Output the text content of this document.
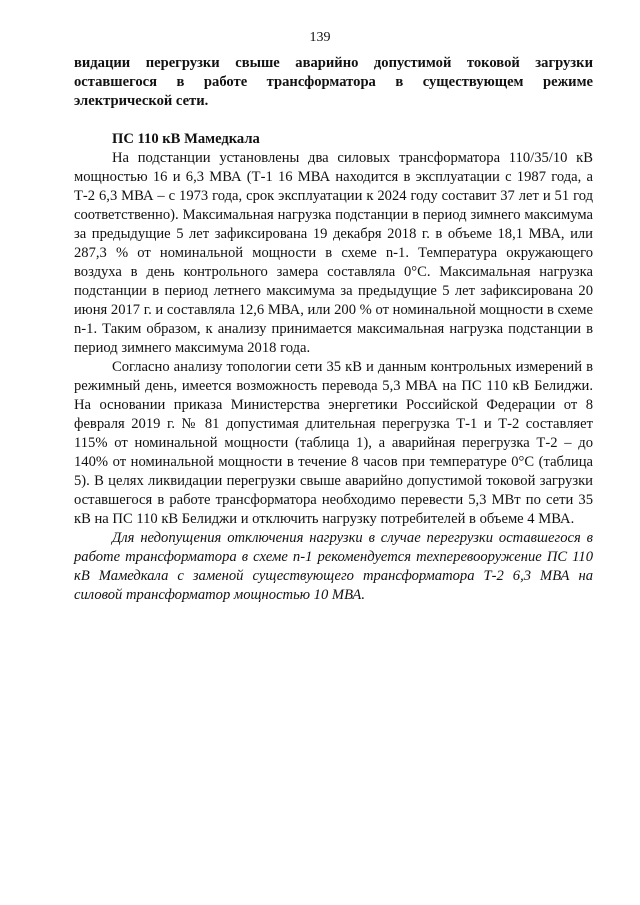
139

видации перегрузки свыше аварийно допустимой токовой загрузки оставшегося в работе трансформатора в существующем режиме электрической сети.

ПС 110 кВ Мамедкала

На подстанции установлены два силовых трансформатора 110/35/10 кВ мощностью 16 и 6,3 МВА (Т-1 16 МВА находится в эксплуатации с 1987 года, а Т-2 6,3 МВА – с 1973 года, срок эксплуатации к 2024 году составит 37 лет и 51 год соответственно). Максимальная нагрузка подстанции в период зимнего максимума за предыдущие 5 лет зафиксирована 19 декабря 2018 г. в объеме 18,1 МВА, или 287,3 % от номинальной мощности в схеме n-1. Температура окружающего воздуха в день контрольного замера составляла 0°С. Максимальная нагрузка подстанции в период летнего максимума за предыдущие 5 лет зафиксирована 20 июня 2017 г. и составляла 12,6 МВА, или 200 % от номинальной мощности в схеме n-1. Таким образом, к анализу принимается максимальная нагрузка подстанции в период зимнего максимума 2018 года.

Согласно анализу топологии сети 35 кВ и данным контрольных измерений в режимный день, имеется возможность перевода 5,3 МВА на ПС 110 кВ Белиджи. На основании приказа Министерства энергетики Российской Федерации от 8 февраля 2019 г. № 81 допустимая длительная перегрузка Т-1 и Т-2 составляет 115% от номинальной мощности (таблица 1), а аварийная перегрузка Т-2 – до 140% от номинальной мощности в течение 8 часов при температуре 0°С (таблица 5). В целях ликвидации перегрузки свыше аварийно допустимой токовой загрузки оставшегося в работе трансформатора необходимо перевести 5,3 МВт по сети 35 кВ на ПС 110 кВ Белиджи и отключить нагрузку потребителей в объеме 4 МВА.

Для недопущения отключения нагрузки в случае перегрузки оставшегося в работе трансформатора в схеме n-1 рекомендуется техперевооружение ПС 110 кВ Мамедкала с заменой существующего трансформатора Т-2 6,3 МВА на силовой трансформатор мощностью 10 МВА.
